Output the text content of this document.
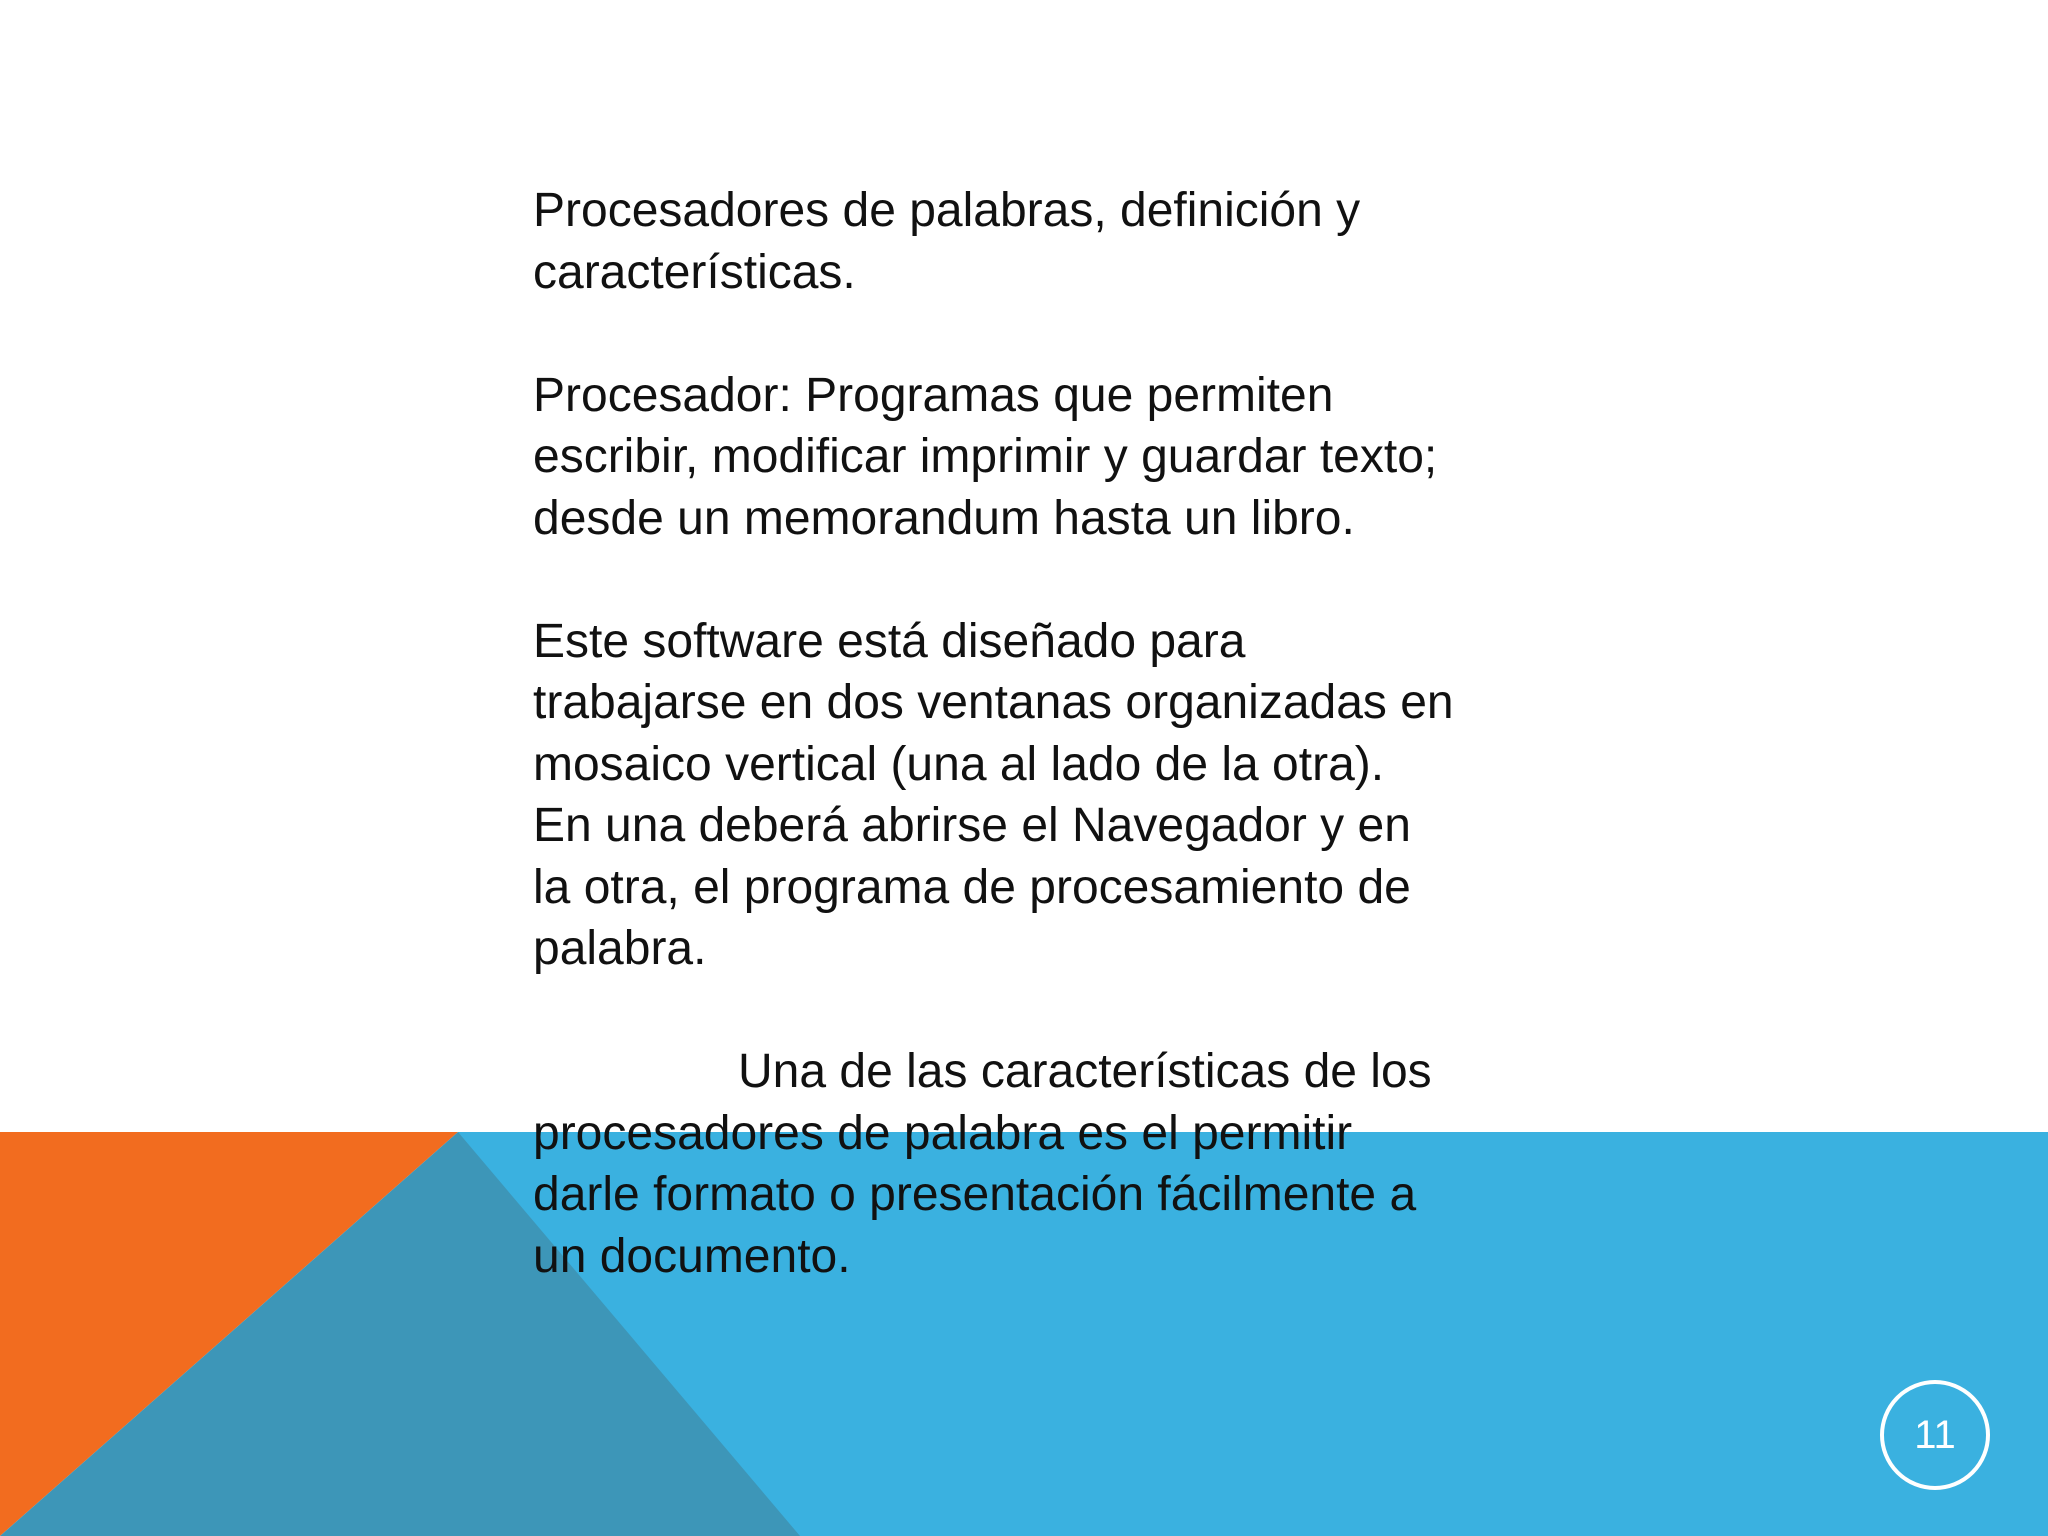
Procesadores de palabras, definición y
características.

Procesador: Programas que permiten
escribir, modificar imprimir y guardar texto;
desde un memorandum hasta un libro.

Este software está diseñado para
trabajarse en dos ventanas organizadas en
mosaico vertical (una al lado de la otra).
En una deberá abrirse el Navegador y en
la otra, el programa de procesamiento de
palabra.

Una de las características de los
procesadores de palabra es el permitir
darle formato o presentación fácilmente a
un documento.

11
